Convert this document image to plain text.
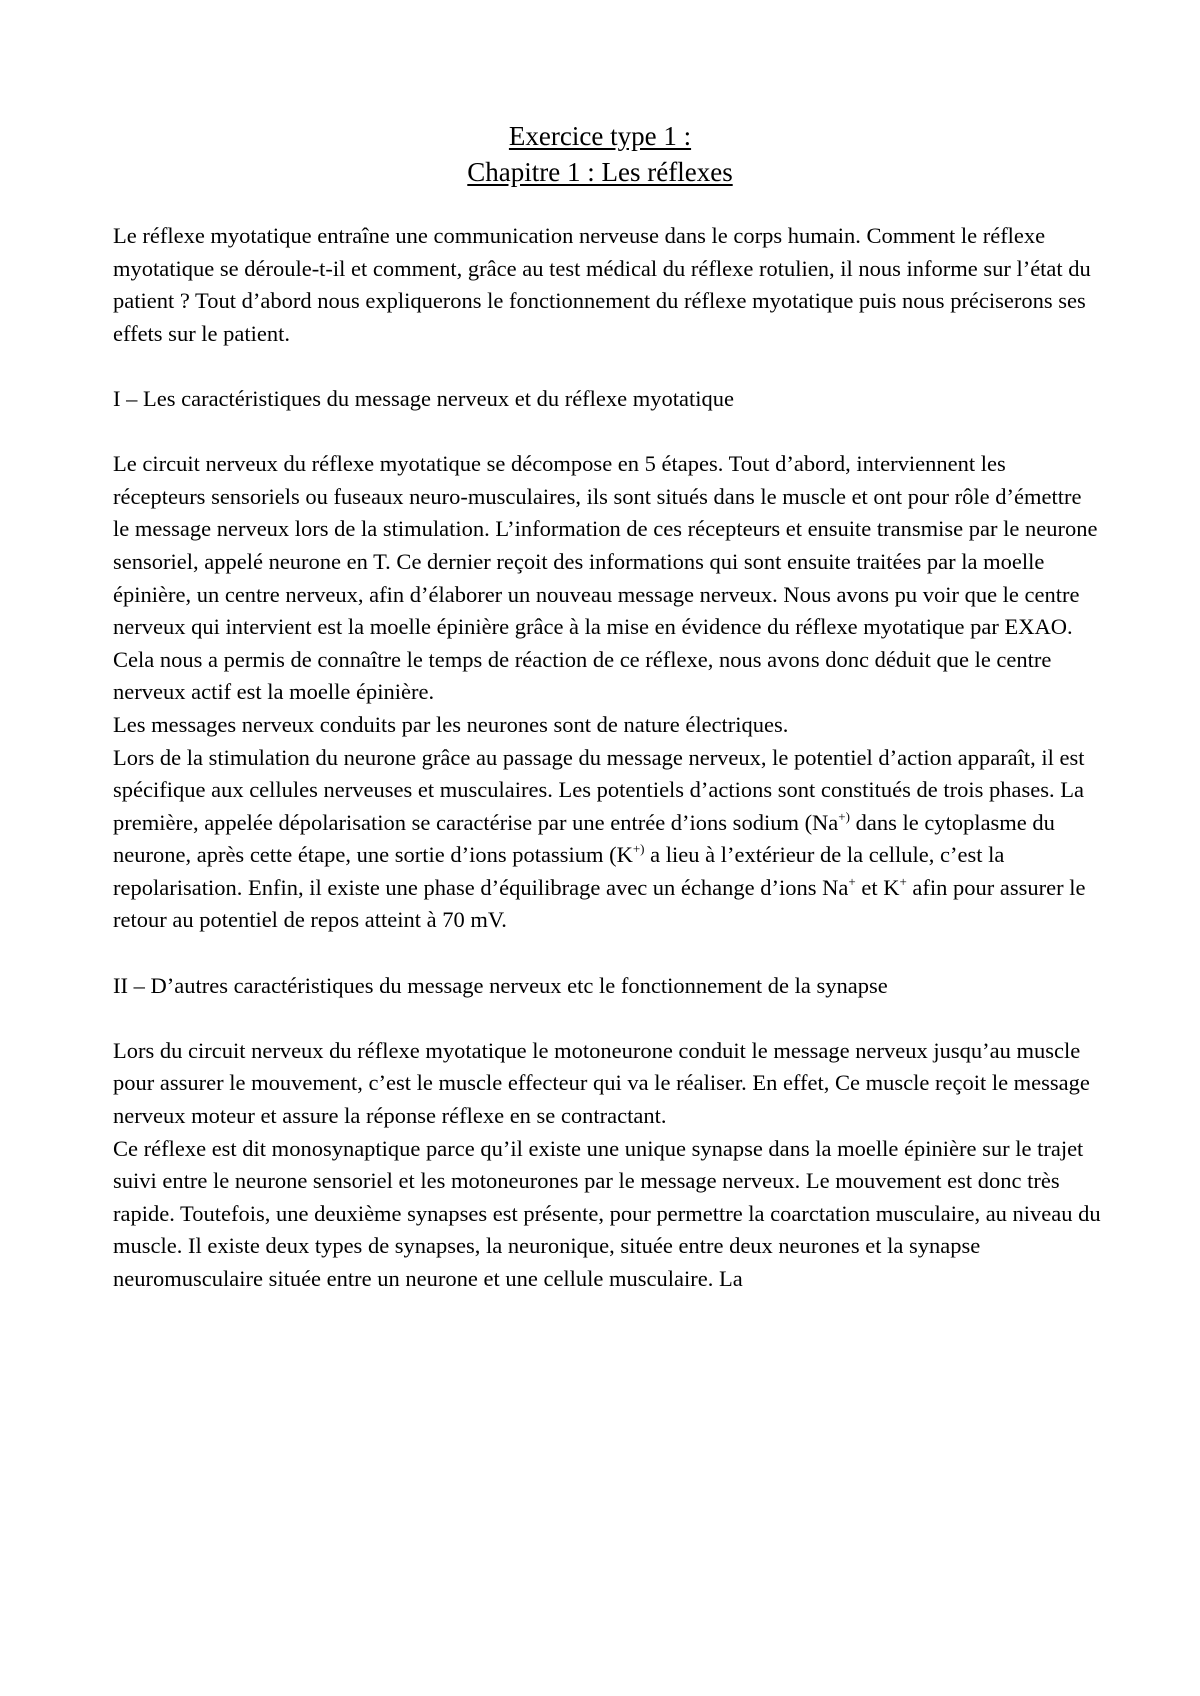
Exercice type 1 :
Chapitre 1 : Les réflexes

Le réflexe myotatique entraîne une communication nerveuse dans le corps humain. Comment le réflexe myotatique se déroule-t-il et comment, grâce au test médical du réflexe rotulien, il nous informe sur l’état du patient ? Tout d’abord nous expliquerons le fonctionnement du réflexe myotatique puis nous préciserons ses effets sur le patient.

I – Les caractéristiques du message nerveux et du réflexe myotatique

Le circuit nerveux du réflexe myotatique se décompose en 5 étapes. Tout d’abord, interviennent les récepteurs sensoriels ou fuseaux neuro-musculaires, ils sont situés dans le muscle et ont pour rôle d’émettre le message nerveux lors de la stimulation. L’information de ces récepteurs et ensuite transmise par le neurone sensoriel, appelé neurone en T. Ce dernier reçoit des informations qui sont ensuite traitées par la moelle épinière, un centre nerveux, afin d’élaborer un nouveau message nerveux. Nous avons pu voir que le centre nerveux qui intervient est la moelle épinière grâce à la mise en évidence du réflexe myotatique par EXAO. Cela nous a permis de connaître le temps de réaction de ce réflexe, nous avons donc déduit que le centre nerveux actif est la moelle épinière.

Les messages nerveux conduits par les neurones sont de nature électriques.

Lors de la stimulation du neurone grâce au passage du message nerveux, le potentiel d’action apparaît, il est spécifique aux cellules nerveuses et musculaires. Les potentiels d’actions sont constitués de trois phases. La première, appelée dépolarisation se caractérise par une entrée d’ions sodium (Na+) dans le cytoplasme du neurone, après cette étape, une sortie d’ions potassium (K+) a lieu à l’extérieur de la cellule, c’est la repolarisation. Enfin, il existe une phase d’équilibrage avec un échange d’ions Na+ et K+ afin pour assurer le retour au potentiel de repos atteint à 70 mV.

II – D’autres caractéristiques du message nerveux etc le fonctionnement de la synapse

Lors du circuit nerveux du réflexe myotatique le motoneurone conduit le message nerveux jusqu’au muscle pour assurer le mouvement, c’est le muscle effecteur qui va le réaliser. En effet, Ce muscle reçoit le message nerveux moteur et assure la réponse réflexe en se contractant.

Ce réflexe est dit monosynaptique parce qu’il existe une unique synapse dans la moelle épinière sur le trajet suivi entre le neurone sensoriel et les motoneurones par le message nerveux. Le mouvement est donc très rapide. Toutefois, une deuxième synapses est présente, pour permettre la coarctation musculaire, au niveau du muscle. Il existe deux types de synapses, la neuronique, située entre deux neurones et la synapse neuromusculaire située entre un neurone et une cellule musculaire. La
